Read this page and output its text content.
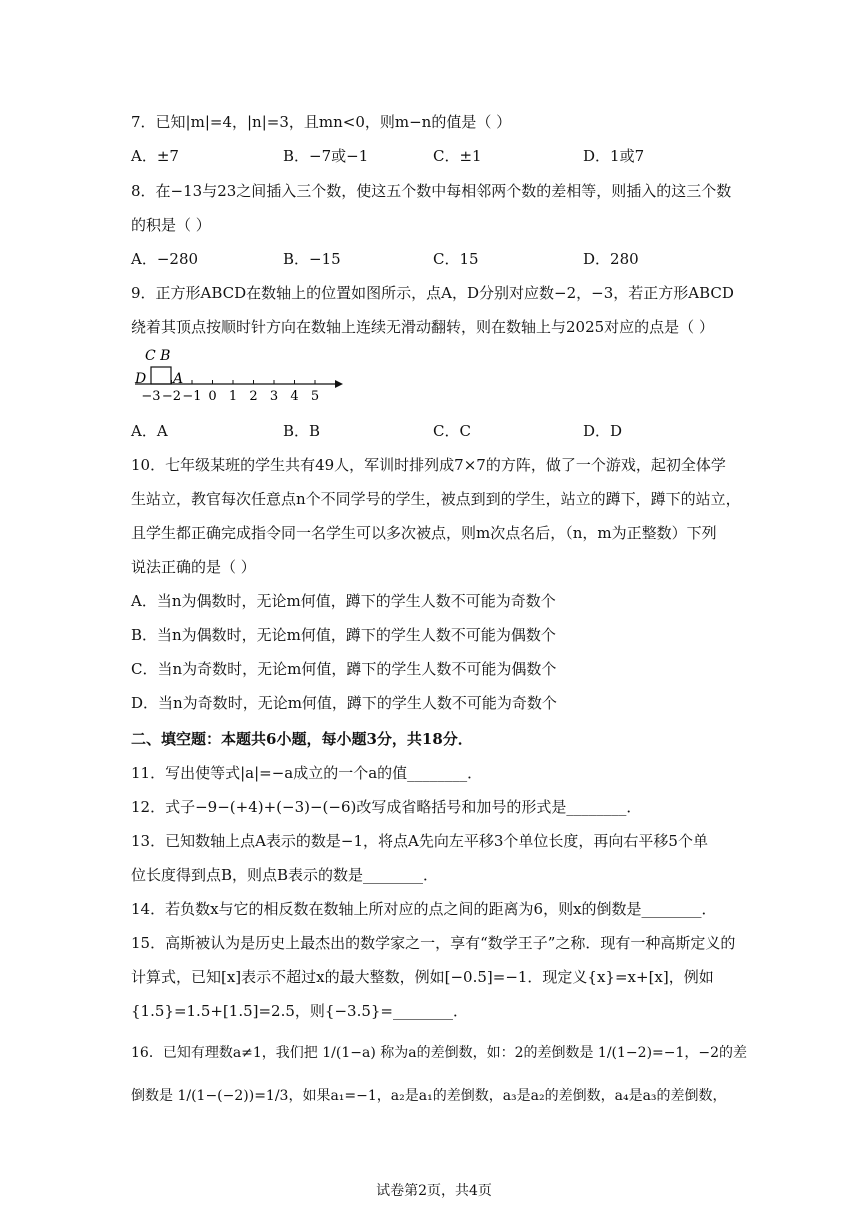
7．已知|m|=4，|n|=3，且mn<0，则m−n的值是（ ）
A．±7	B．−7或−1	C．±1	D．1或7
8．在−13与23之间插入三个数，使这五个数中每相邻两个数的差相等，则插入的这三个数
的积是（ ）
A．−280	B．−15	C．15	D．280
9．正方形ABCD在数轴上的位置如图所示，点A，D分别对应数−2，−3，若正方形ABCD
绕着其顶点按顺时针方向在数轴上连续无滑动翻转，则在数轴上与2025对应的点是（ ）
C B
D A
−3 −2 −1 0 1 2 3 4 5
A．A	B．B	C．C	D．D
10．七年级某班的学生共有49人，军训时排列成7×7的方阵，做了一个游戏，起初全体学
生站立，教官每次任意点n个不同学号的学生，被点到到的学生，站立的蹲下，蹲下的站立，
且学生都正确完成指令同一名学生可以多次被点，则m次点名后，（n，m为正整数）下列
说法正确的是（ ）
A．当n为偶数时，无论m何值，蹲下的学生人数不可能为奇数个
B．当n为偶数时，无论m何值，蹲下的学生人数不可能为偶数个
C．当n为奇数时，无论m何值，蹲下的学生人数不可能为偶数个
D．当n为奇数时，无论m何值，蹲下的学生人数不可能为奇数个
二、填空题：本题共6小题，每小题3分，共18分．
11．写出使等式|a|=−a成立的一个a的值________．
12．式子−9−(+4)+(−3)−(−6)改写成省略括号和加号的形式是________．
13．已知数轴上点A表示的数是−1，将点A先向左平移3个单位长度，再向右平移5个单
位长度得到点B，则点B表示的数是________．
14．若负数x与它的相反数在数轴上所对应的点之间的距离为6，则x的倒数是________．
15．高斯被认为是历史上最杰出的数学家之一，享有“数学王子”之称．现有一种高斯定义的
计算式，已知[x]表示不超过x的最大整数，例如[−0.5]=−1．现定义{x}=x+[x]，例如
{1.5}=1.5+[1.5]=2.5，则{−3.5}=________．
16．已知有理数a≠1，我们把 1/(1−a) 称为a的差倒数，如：2的差倒数是 1/(1−2)=−1，−2的差
倒数是 1/(1−(−2))=1/3，如果a₁=−1，a₂是a₁的差倒数，a₃是a₂的差倒数，a₄是a₃的差倒数，
试卷第2页，共4页
